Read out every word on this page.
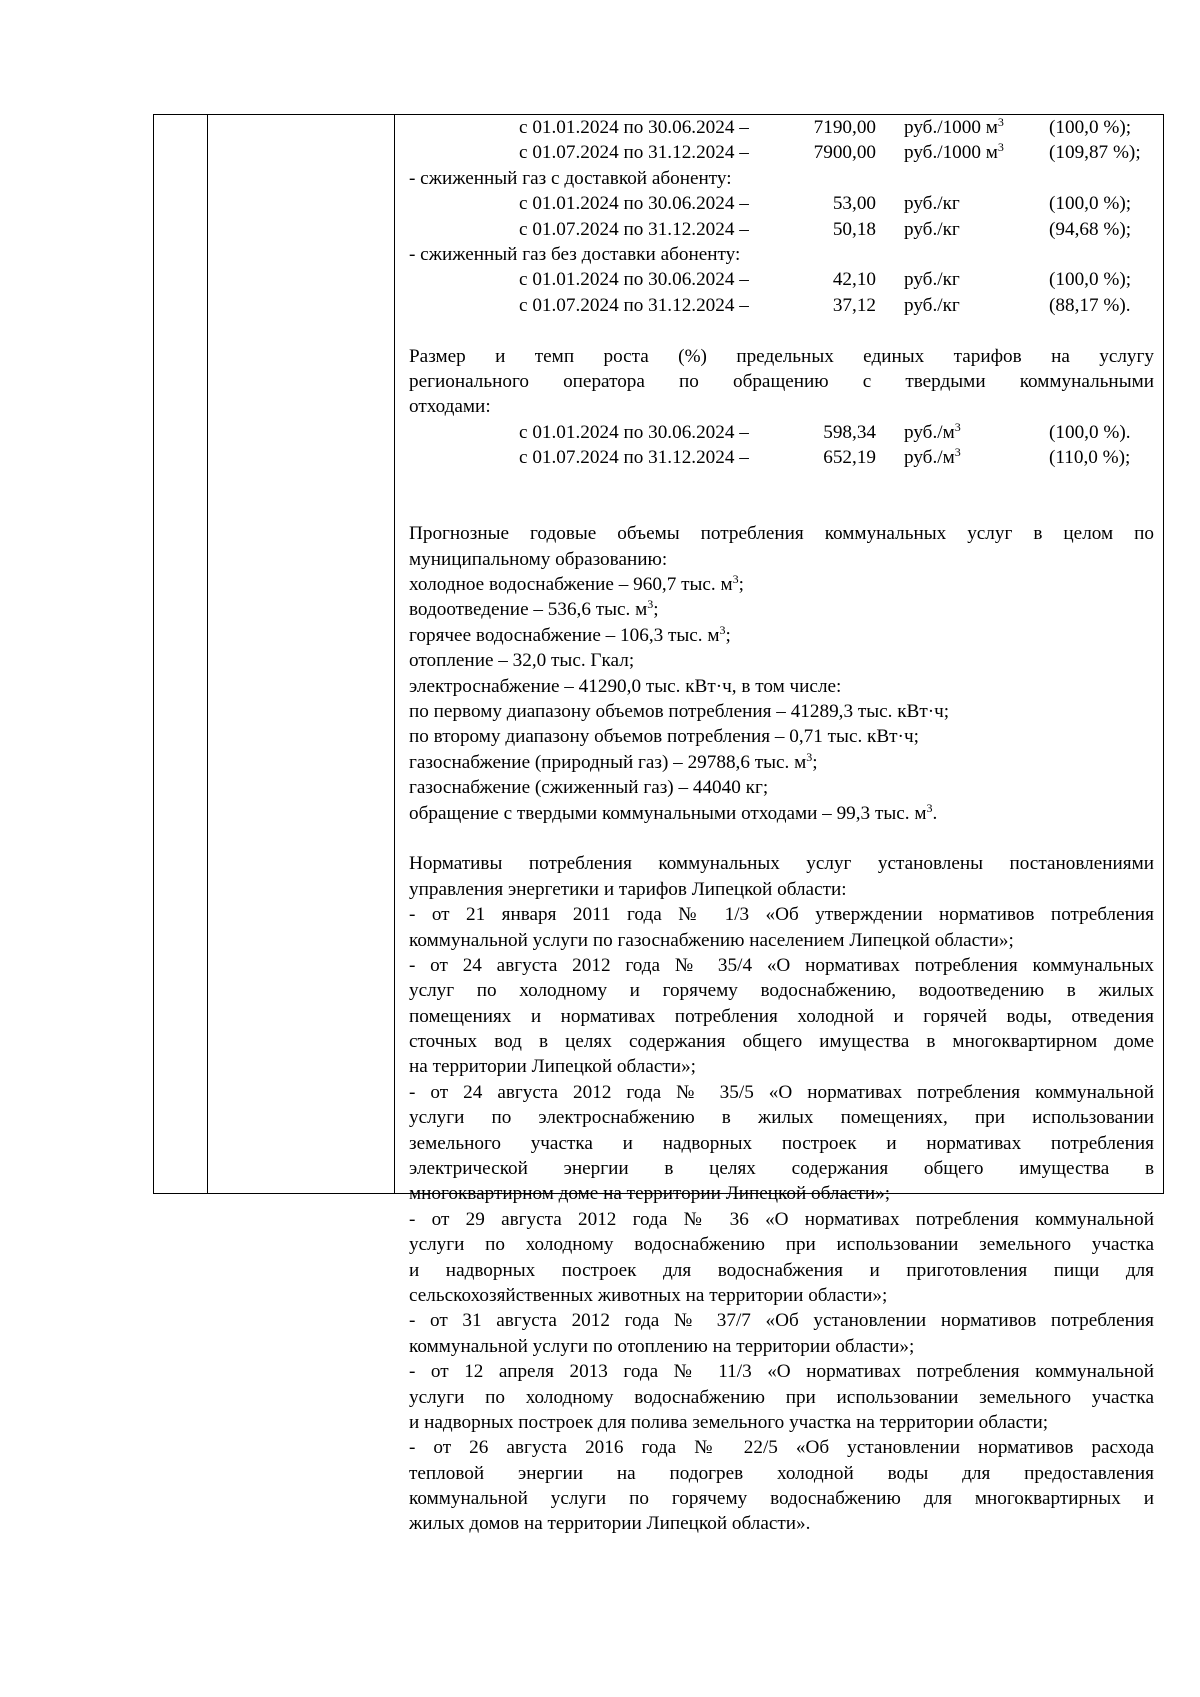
с 01.01.2024 по 30.06.2024 –	7190,00 руб./1000 $м^3$ (100,0 %);
с 01.07.2024 по 31.12.2024 –	7900,00 руб./1000 $м^3$ (109,87 %);
- сжиженный газ с доставкой абоненту:
с 01.01.2024 по 30.06.2024 –	53,00 руб./кг	(100,0 %);
с 01.07.2024 по 31.12.2024 –	50,18 руб./кг	(94,68 %);
- сжиженный газ без доставки абоненту:
с 01.01.2024 по 30.06.2024 –	42,10 руб./кг	(100,0 %);
с 01.07.2024 по 31.12.2024 –	37,12 руб./кг	(88,17 %).
Размер и темп роста (%) предельных единых тарифов на услугу
регионального оператора по обращению с твердыми коммунальными
отходами:
с 01.01.2024 по 30.06.2024 –	598,34 $руб./м^3$	(100,0 %).
с 01.07.2024 по 31.12.2024 –	652,19 $руб./м^3$	(110,0 %);
Прогнозные годовые объемы потребления коммунальных услуг в целом по
муниципальному образованию:
холодное водоснабжение – 960,7 тыс. $м^3$;
водоотведение – 536,6 тыс. $м^3$;
горячее водоснабжение – 106,3 тыс. $м^3$;
отопление – 32,0 тыс. Гкал;
электроснабжение – 41290,0 тыс. кВт·ч, в том числе:
по первому диапазону объемов потребления – 41289,3 тыс. кВт·ч;
по второму диапазону объемов потребления – 0,71 тыс. кВт·ч;
газоснабжение (природный газ) – 29788,6 тыс. $м^3$;
газоснабжение (сжиженный газ) – 44040 кг;
обращение с твердыми коммунальными отходами – 99,3 тыс. $м^3$.
Нормативы потребления коммунальных услуг установлены постановлениями
управления энергетики и тарифов Липецкой области:
- от 21 января 2011 года № 1/3 «Об утверждении нормативов потребления
коммунальной услуги по газоснабжению населением Липецкой области»;
- от 24 августа 2012 года № 35/4 «О нормативах потребления коммунальных
услуг по холодному и горячему водоснабжению, водоотведению в жилых
помещениях и нормативах потребления холодной и горячей воды, отведения
сточных вод в целях содержания общего имущества в многоквартирном доме
на территории Липецкой области»;
- от 24 августа 2012 года № 35/5 «О нормативах потребления коммунальной
услуги по электроснабжению в жилых помещениях, при использовании
земельного участка и надворных построек и нормативах потребления
электрической энергии в целях содержания общего имущества в
многоквартирном доме на территории Липецкой области»;
- от 29 августа 2012 года № 36 «О нормативах потребления коммунальной
услуги по холодному водоснабжению при использовании земельного участка
и надворных построек для водоснабжения и приготовления пищи для
сельскохозяйственных животных на территории области»;
- от 31 августа 2012 года № 37/7 «Об установлении нормативов потребления
коммунальной услуги по отоплению на территории области»;
- от 12 апреля 2013 года № 11/3 «О нормативах потребления коммунальной
услуги по холодному водоснабжению при использовании земельного участка
и надворных построек для полива земельного участка на территории области;
- от 26 августа 2016 года № 22/5 «Об установлении нормативов расхода
тепловой энергии на подогрев холодной воды для предоставления
коммунальной услуги по горячему водоснабжению для многоквартирных и
жилых домов на территории Липецкой области».
